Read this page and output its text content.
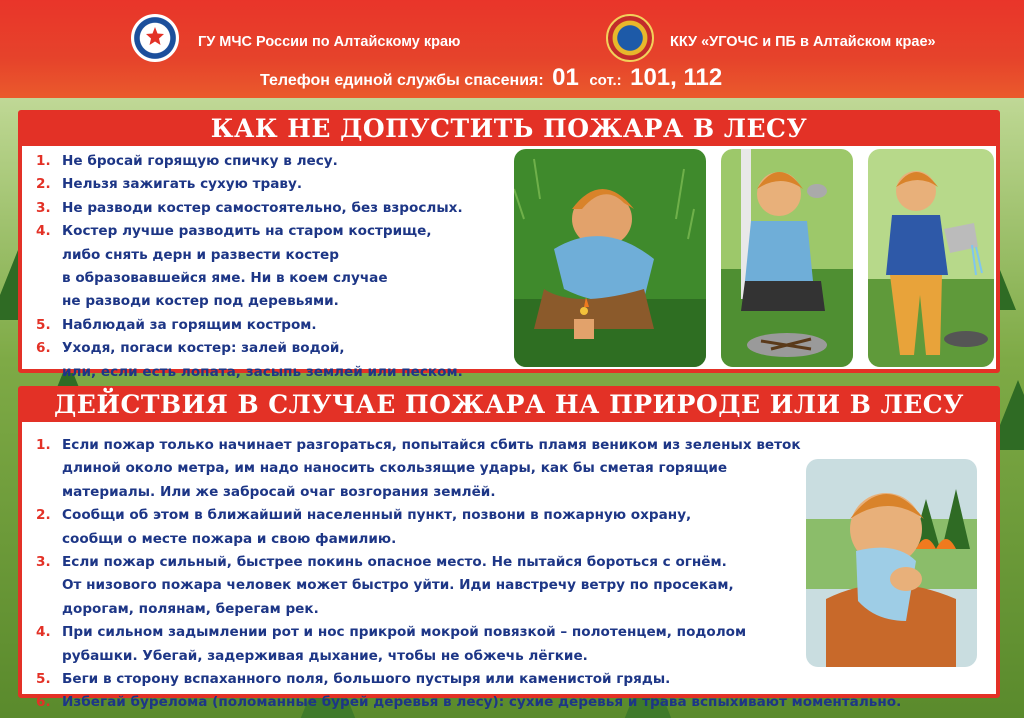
ГУ МЧС России по Алтайскому краю	ККУ «УГОЧС и ПБ в Алтайском крае»
Телефон единой службы спасения: 01 сот.: 101, 112
КАК НЕ ДОПУСТИТЬ ПОЖАРА В ЛЕСУ
1. Не бросай горящую спичку в лесу.
2. Нельзя зажигать сухую траву.
3. Не разводи костер самостоятельно, без взрослых.
4. Костер лучше разводить на старом кострище,
либо снять дерн и развести костер
в образовавшейся яме. Ни в коем случае
не разводи костер под деревьями.
5. Наблюдай за горящим костром.
6. Уходя, погаси костер: залей водой,
или, если есть лопата, засыпь землей или песком.
ДЕЙСТВИЯ В СЛУЧАЕ ПОЖАРА НА ПРИРОДЕ ИЛИ В ЛЕСУ
1. Если пожар только начинает разгораться, попытайся сбить пламя веником из зеленых веток
длиной около метра, им надо наносить скользящие удары, как бы сметая горящие
материалы. Или же забросай очаг возгорания землёй.
2. Сообщи об этом в ближайший населенный пункт, позвони в пожарную охрану,
сообщи о месте пожара и свою фамилию.
3. Если пожар сильный, быстрее покинь опасное место. Не пытайся бороться с огнём.
От низового пожара человек может быстро уйти. Иди навстречу ветру по просекам,
дорогам, полянам, берегам рек.
4. При сильном задымлении рот и нос прикрой мокрой повязкой – полотенцем, подолом
рубашки. Убегай, задерживая дыхание, чтобы не обжечь лёгкие.
5. Беги в сторону вспаханного поля, большого пустыря или каменистой гряды.
6. Избегай бурелома (поломанные бурей деревья в лесу): сухие деревья и трава вспыхивают моментально.
